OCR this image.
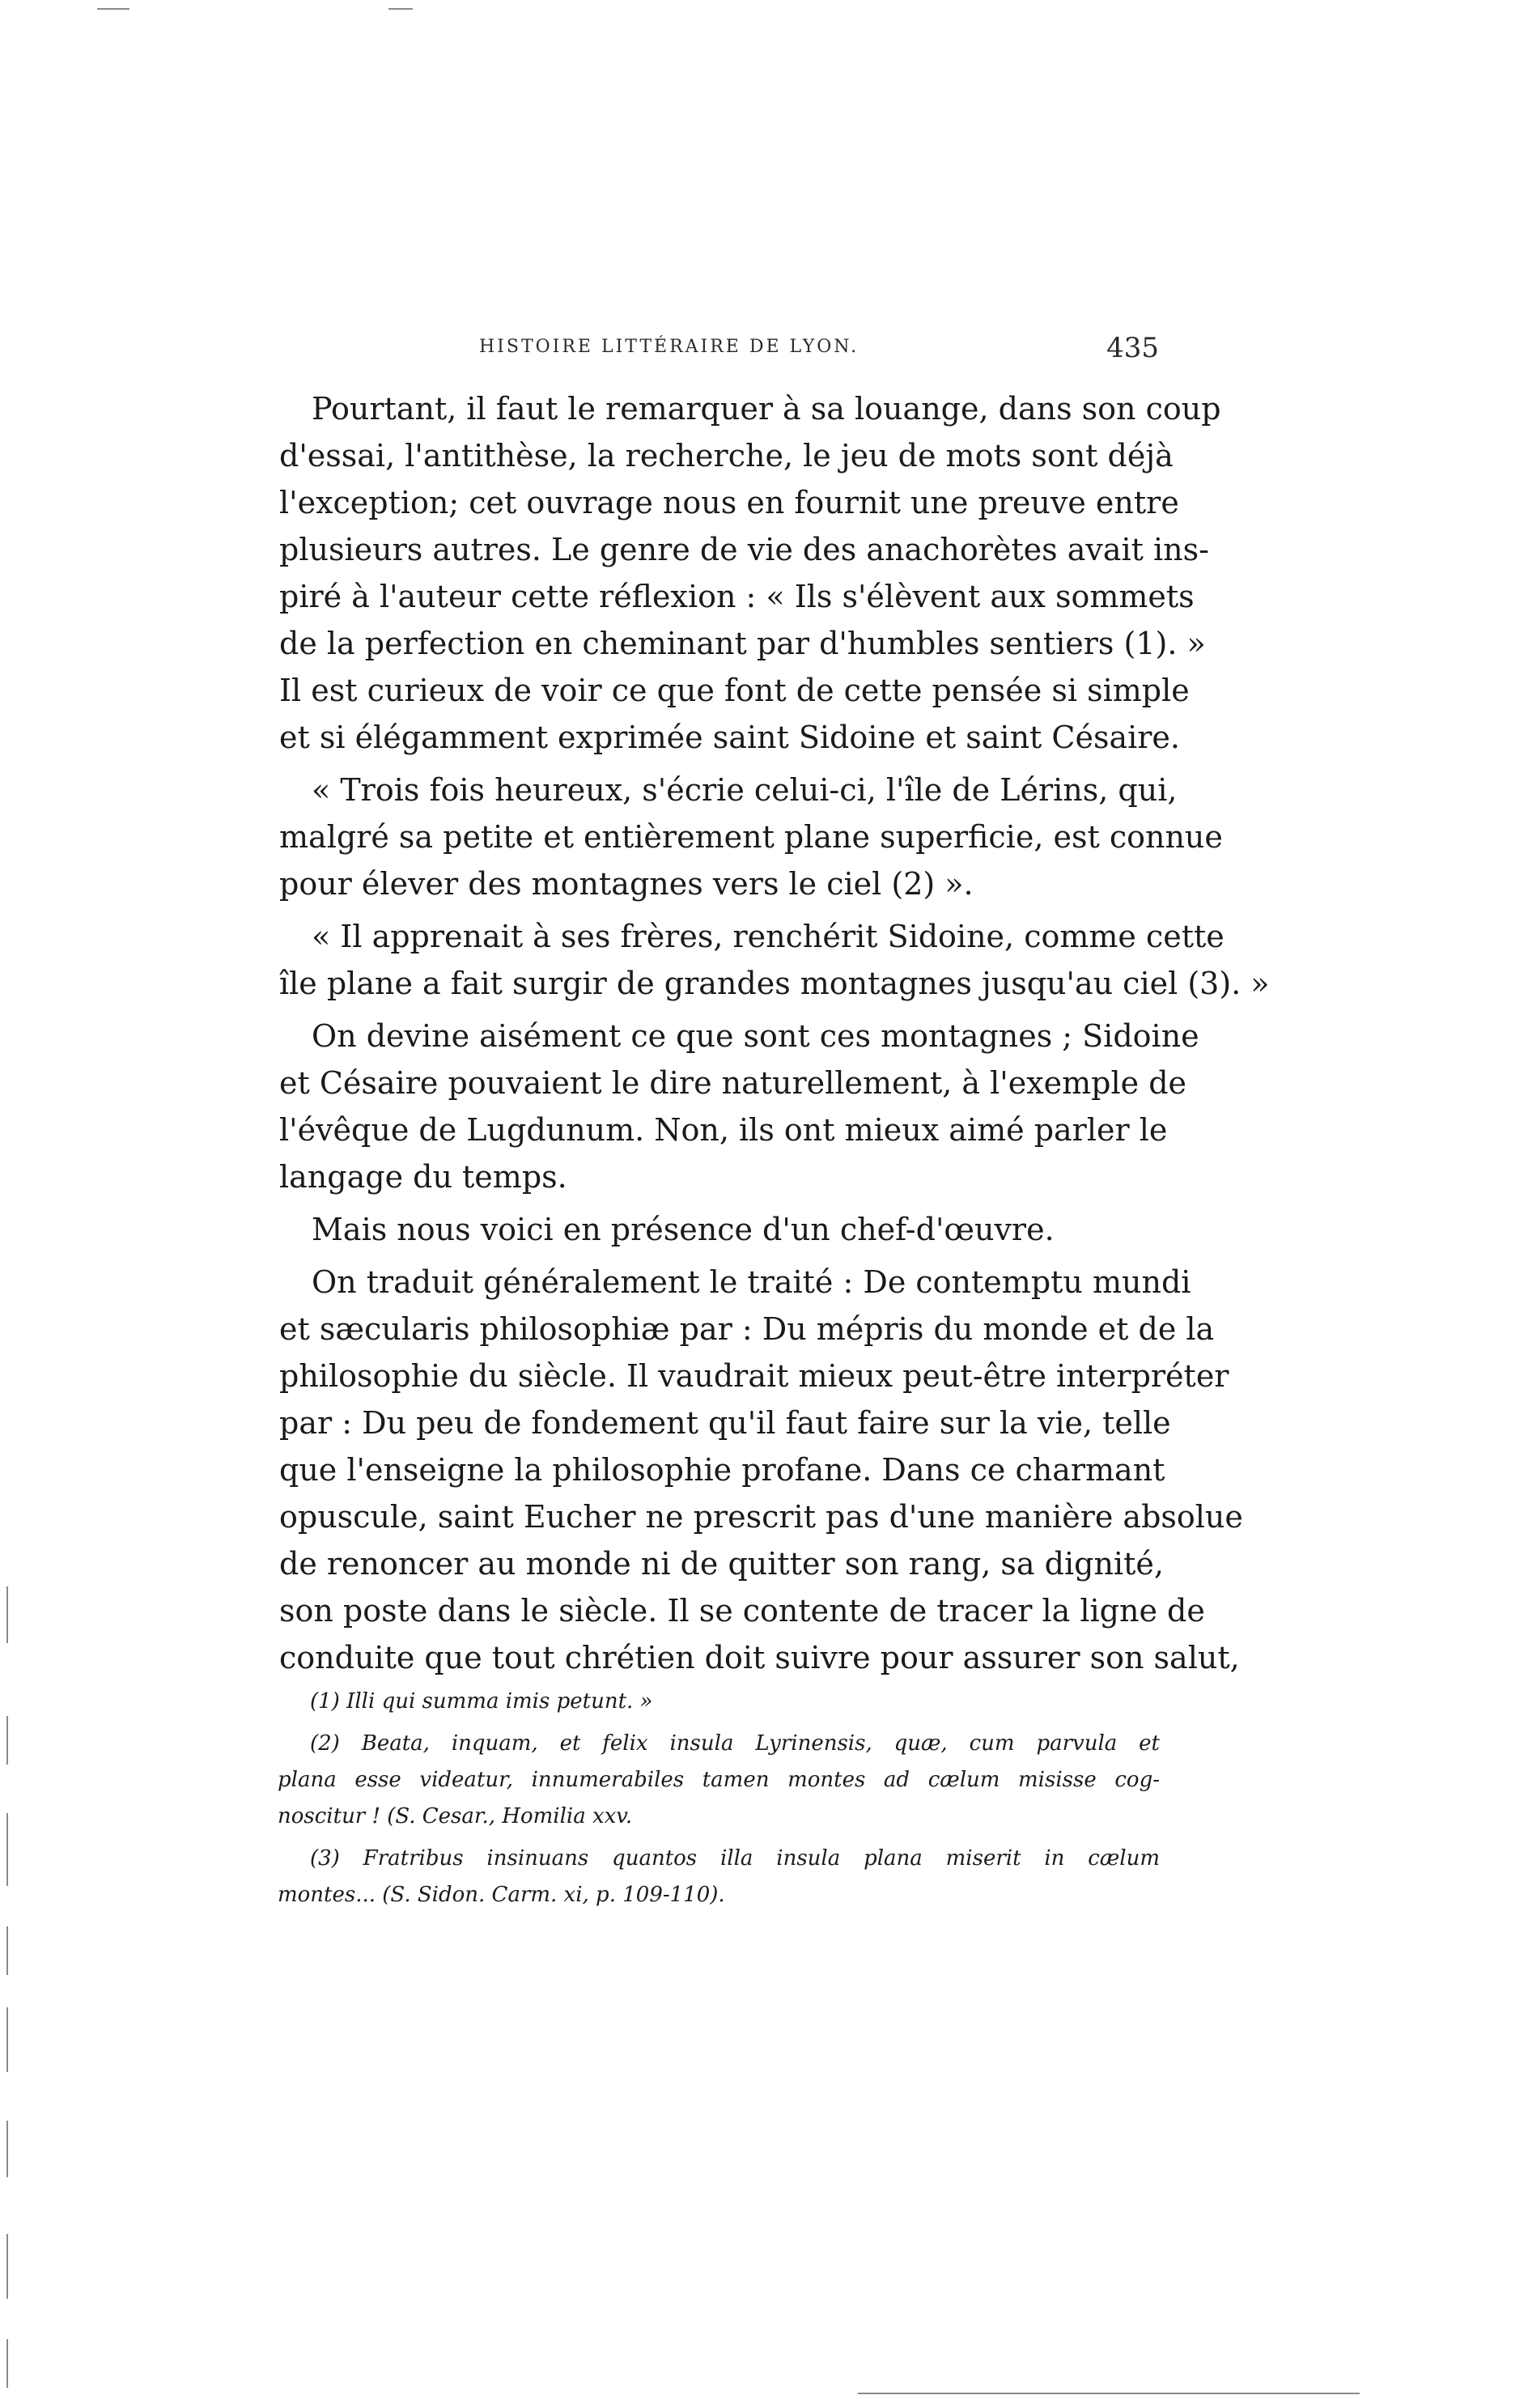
HISTOIRE LITTÉRAIRE DE LYON.	435
Pourtant, il faut le remarquer à sa louange, dans son coup
d'essai, l'antithèse, la recherche, le jeu de mots sont déjà
l'exception; cet ouvrage nous en fournit une preuve entre
plusieurs autres. Le genre de vie des anachorètes avait ins-
piré à l'auteur cette réflexion : « Ils s'élèvent aux sommets
de la perfection en cheminant par d'humbles sentiers (1). »
Il est curieux de voir ce que font de cette pensée si simple
et si élégamment exprimée saint Sidoine et saint Césaire.
« Trois fois heureux, s'écrie celui-ci, l'île de Lérins, qui,
malgré sa petite et entièrement plane superficie, est connue
pour élever des montagnes vers le ciel (2) ».
« Il apprenait à ses frères, renchérit Sidoine, comme cette
île plane a fait surgir de grandes montagnes jusqu'au ciel (3). »
On devine aisément ce que sont ces montagnes ; Sidoine
et Césaire pouvaient le dire naturellement, à l'exemple de
l'évêque de Lugdunum. Non, ils ont mieux aimé parler le
langage du temps.
Mais nous voici en présence d'un chef-d'œuvre.
On traduit généralement le traité : De contemptu mundi
et sæcularis philosophiæ par : Du mépris du monde et de la
philosophie du siècle. Il vaudrait mieux peut-être interpréter
par : Du peu de fondement qu'il faut faire sur la vie, telle
que l'enseigne la philosophie profane. Dans ce charmant
opuscule, saint Eucher ne prescrit pas d'une manière absolue
de renoncer au monde ni de quitter son rang, sa dignité,
son poste dans le siècle. Il se contente de tracer la ligne de
conduite que tout chrétien doit suivre pour assurer son salut,
(1) Illi qui summa imis petunt. »
(2) Beata, inquam, et felix insula Lyrinensis, quæ, cum parvula et
plana esse videatur, innumerabiles tamen montes ad cælum misisse cog-
noscitur ! (S. Cesar., Homilia xxv.
(3) Fratribus insinuans quantos illa insula plana miserit in cælum
montes... (S. Sidon. Carm. xi, p. 109-110).
